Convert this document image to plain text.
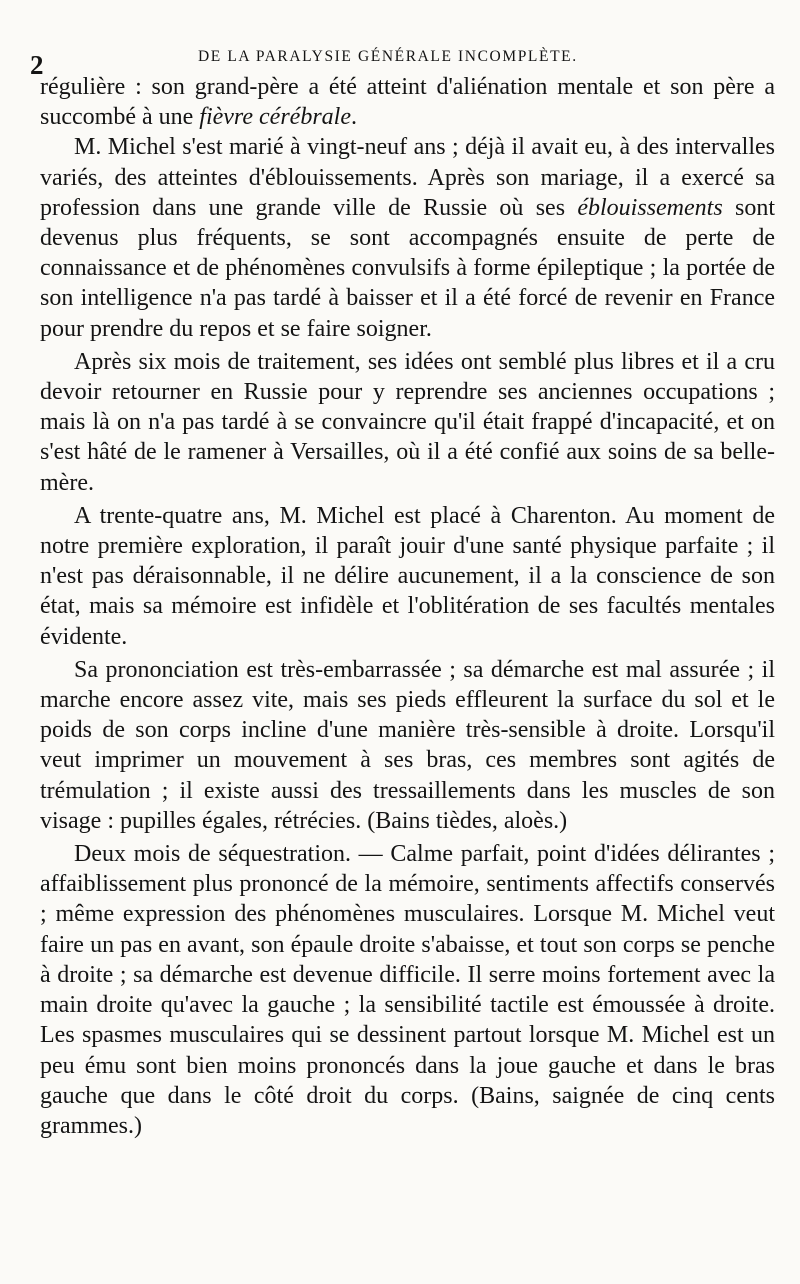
2	DE LA PARALYSIE GÉNÉRALE INCOMPLÈTE.

régulière : son grand-père a été atteint d'aliénation mentale et son père a succombé à une fièvre cérébrale.

M. Michel s'est marié à vingt-neuf ans ; déjà il avait eu, à des intervalles variés, des atteintes d'éblouissements. Après son mariage, il a exercé sa profession dans une grande ville de Russie où ses éblouissements sont devenus plus fréquents, se sont accompagnés ensuite de perte de connaissance et de phénomènes convulsifs à forme épileptique ; la portée de son intelligence n'a pas tardé à baisser et il a été forcé de revenir en France pour prendre du repos et se faire soigner.

Après six mois de traitement, ses idées ont semblé plus libres et il a cru devoir retourner en Russie pour y reprendre ses anciennes occupations ; mais là on n'a pas tardé à se convaincre qu'il était frappé d'incapacité, et on s'est hâté de le ramener à Versailles, où il a été confié aux soins de sa belle-mère.

A trente-quatre ans, M. Michel est placé à Charenton. Au moment de notre première exploration, il paraît jouir d'une santé physique parfaite ; il n'est pas déraisonnable, il ne délire aucunement, il a la conscience de son état, mais sa mémoire est infidèle et l'oblitération de ses facultés mentales évidente.

Sa prononciation est très-embarrassée ; sa démarche est mal assurée ; il marche encore assez vite, mais ses pieds effleurent la surface du sol et le poids de son corps incline d'une manière très-sensible à droite. Lorsqu'il veut imprimer un mouvement à ses bras, ces membres sont agités de trémulation ; il existe aussi des tressaillements dans les muscles de son visage : pupilles égales, rétrécies. (Bains tièdes, aloès.)

Deux mois de séquestration. — Calme parfait, point d'idées délirantes ; affaiblissement plus prononcé de la mémoire, sentiments affectifs conservés ; même expression des phénomènes musculaires. Lorsque M. Michel veut faire un pas en avant, son épaule droite s'abaisse, et tout son corps se penche à droite ; sa démarche est devenue difficile. Il serre moins fortement avec la main droite qu'avec la gauche ; la sensibilité tactile est émoussée à droite. Les spasmes musculaires qui se dessinent partout lorsque M. Michel est un peu ému sont bien moins prononcés dans la joue gauche et dans le bras gauche que dans le côté droit du corps. (Bains, saignée de cinq cents grammes.)
